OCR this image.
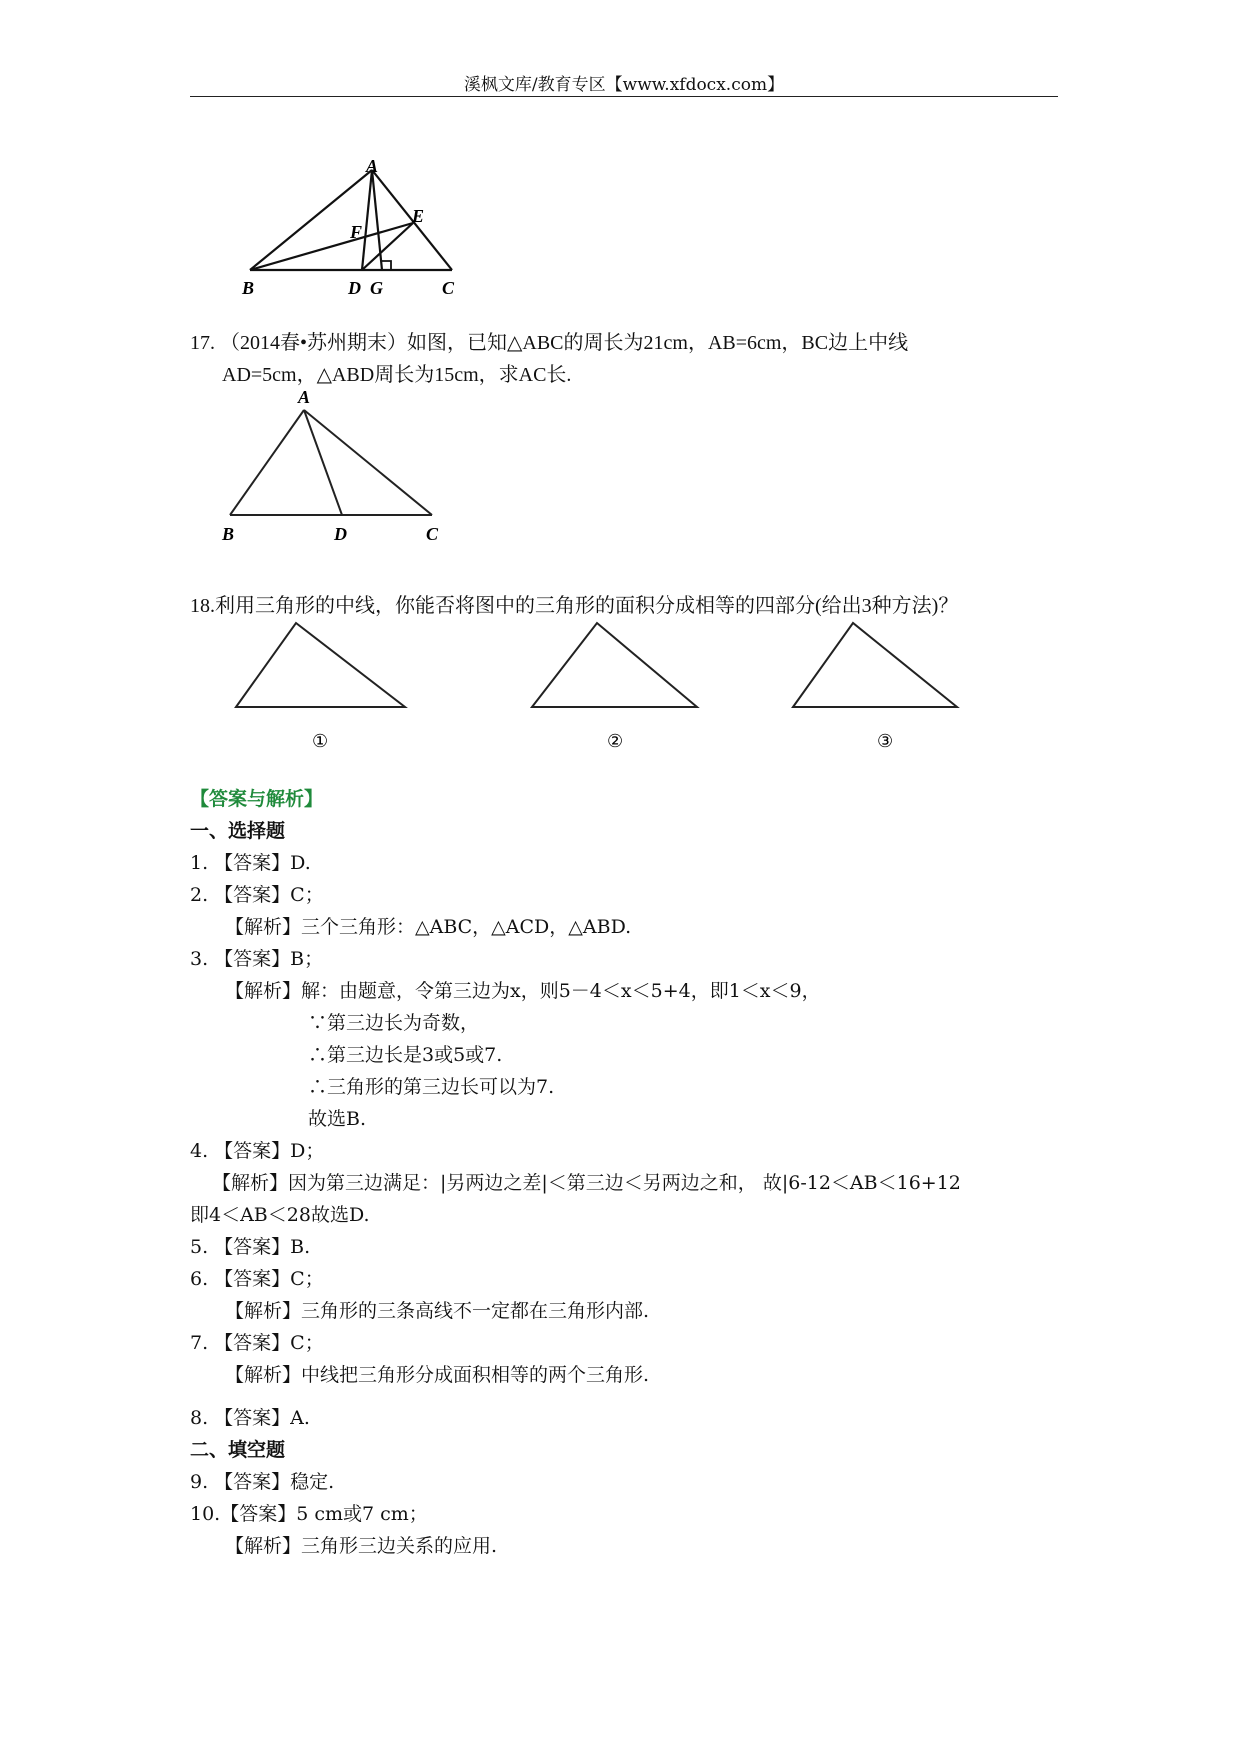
溪枫文库/教育专区【www.xfdocx.com】
A
B	C
D
E
F
G
17. （2014春•苏州期末）如图，已知△ABC的周长为21cm，AB=6cm，BC边上中线
AD=5cm，△ABD周长为15cm，求AC长.
A
B	D	C
18.利用三角形的中线，你能否将图中的三角形的面积分成相等的四部分(给出3种方法)？
①	②	③
【答案与解析】
一、选择题
1. 【答案】D.
2. 【答案】C；
【解析】三个三角形：△ABC，△ACD，△ABD.
3. 【答案】B；
【解析】解：由题意，令第三边为x，则5－4＜x＜5+4，即1＜x＜9，
∵第三边长为奇数，
∴第三边长是3或5或7.
∴三角形的第三边长可以为7.
故选B.
4. 【答案】D；
【解析】因为第三边满足：|另两边之差|＜第三边＜另两边之和， 故|6-12＜AB＜16+12
即4＜AB＜28故选D.
5. 【答案】B.
6. 【答案】C；
【解析】三角形的三条高线不一定都在三角形内部.
7. 【答案】C；
【解析】中线把三角形分成面积相等的两个三角形.
8. 【答案】A.
二、填空题
9. 【答案】稳定.
10.【答案】5 cm或7 cm；
【解析】三角形三边关系的应用.
